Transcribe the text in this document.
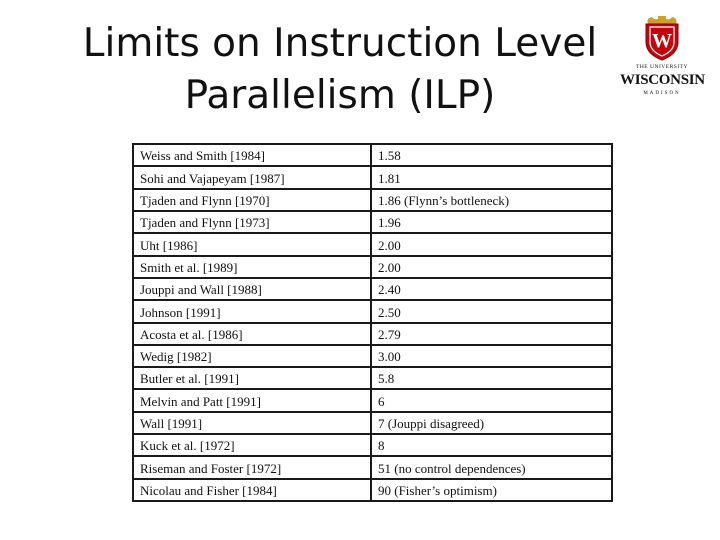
Limits on Instruction Level
Parallelism (ILP)
W
THE UNIVERSITY
WISCONSIN
MADISON
Weiss and Smith [1984]	1.58
Sohi and Vajapeyam [1987]	1.81
Tjaden and Flynn [1970]	1.86 (Flynn’s bottleneck)
Tjaden and Flynn [1973]	1.96
Uht [1986]	2.00
Smith et al. [1989]	2.00
Jouppi and Wall [1988]	2.40
Johnson [1991]	2.50
Acosta et al. [1986]	2.79
Wedig [1982]	3.00
Butler et al. [1991]	5.8
Melvin and Patt [1991]	6
Wall [1991]	7 (Jouppi disagreed)
Kuck et al. [1972]	8
Riseman and Foster [1972]	51 (no control dependences)
Nicolau and Fisher [1984]	90 (Fisher’s optimism)
